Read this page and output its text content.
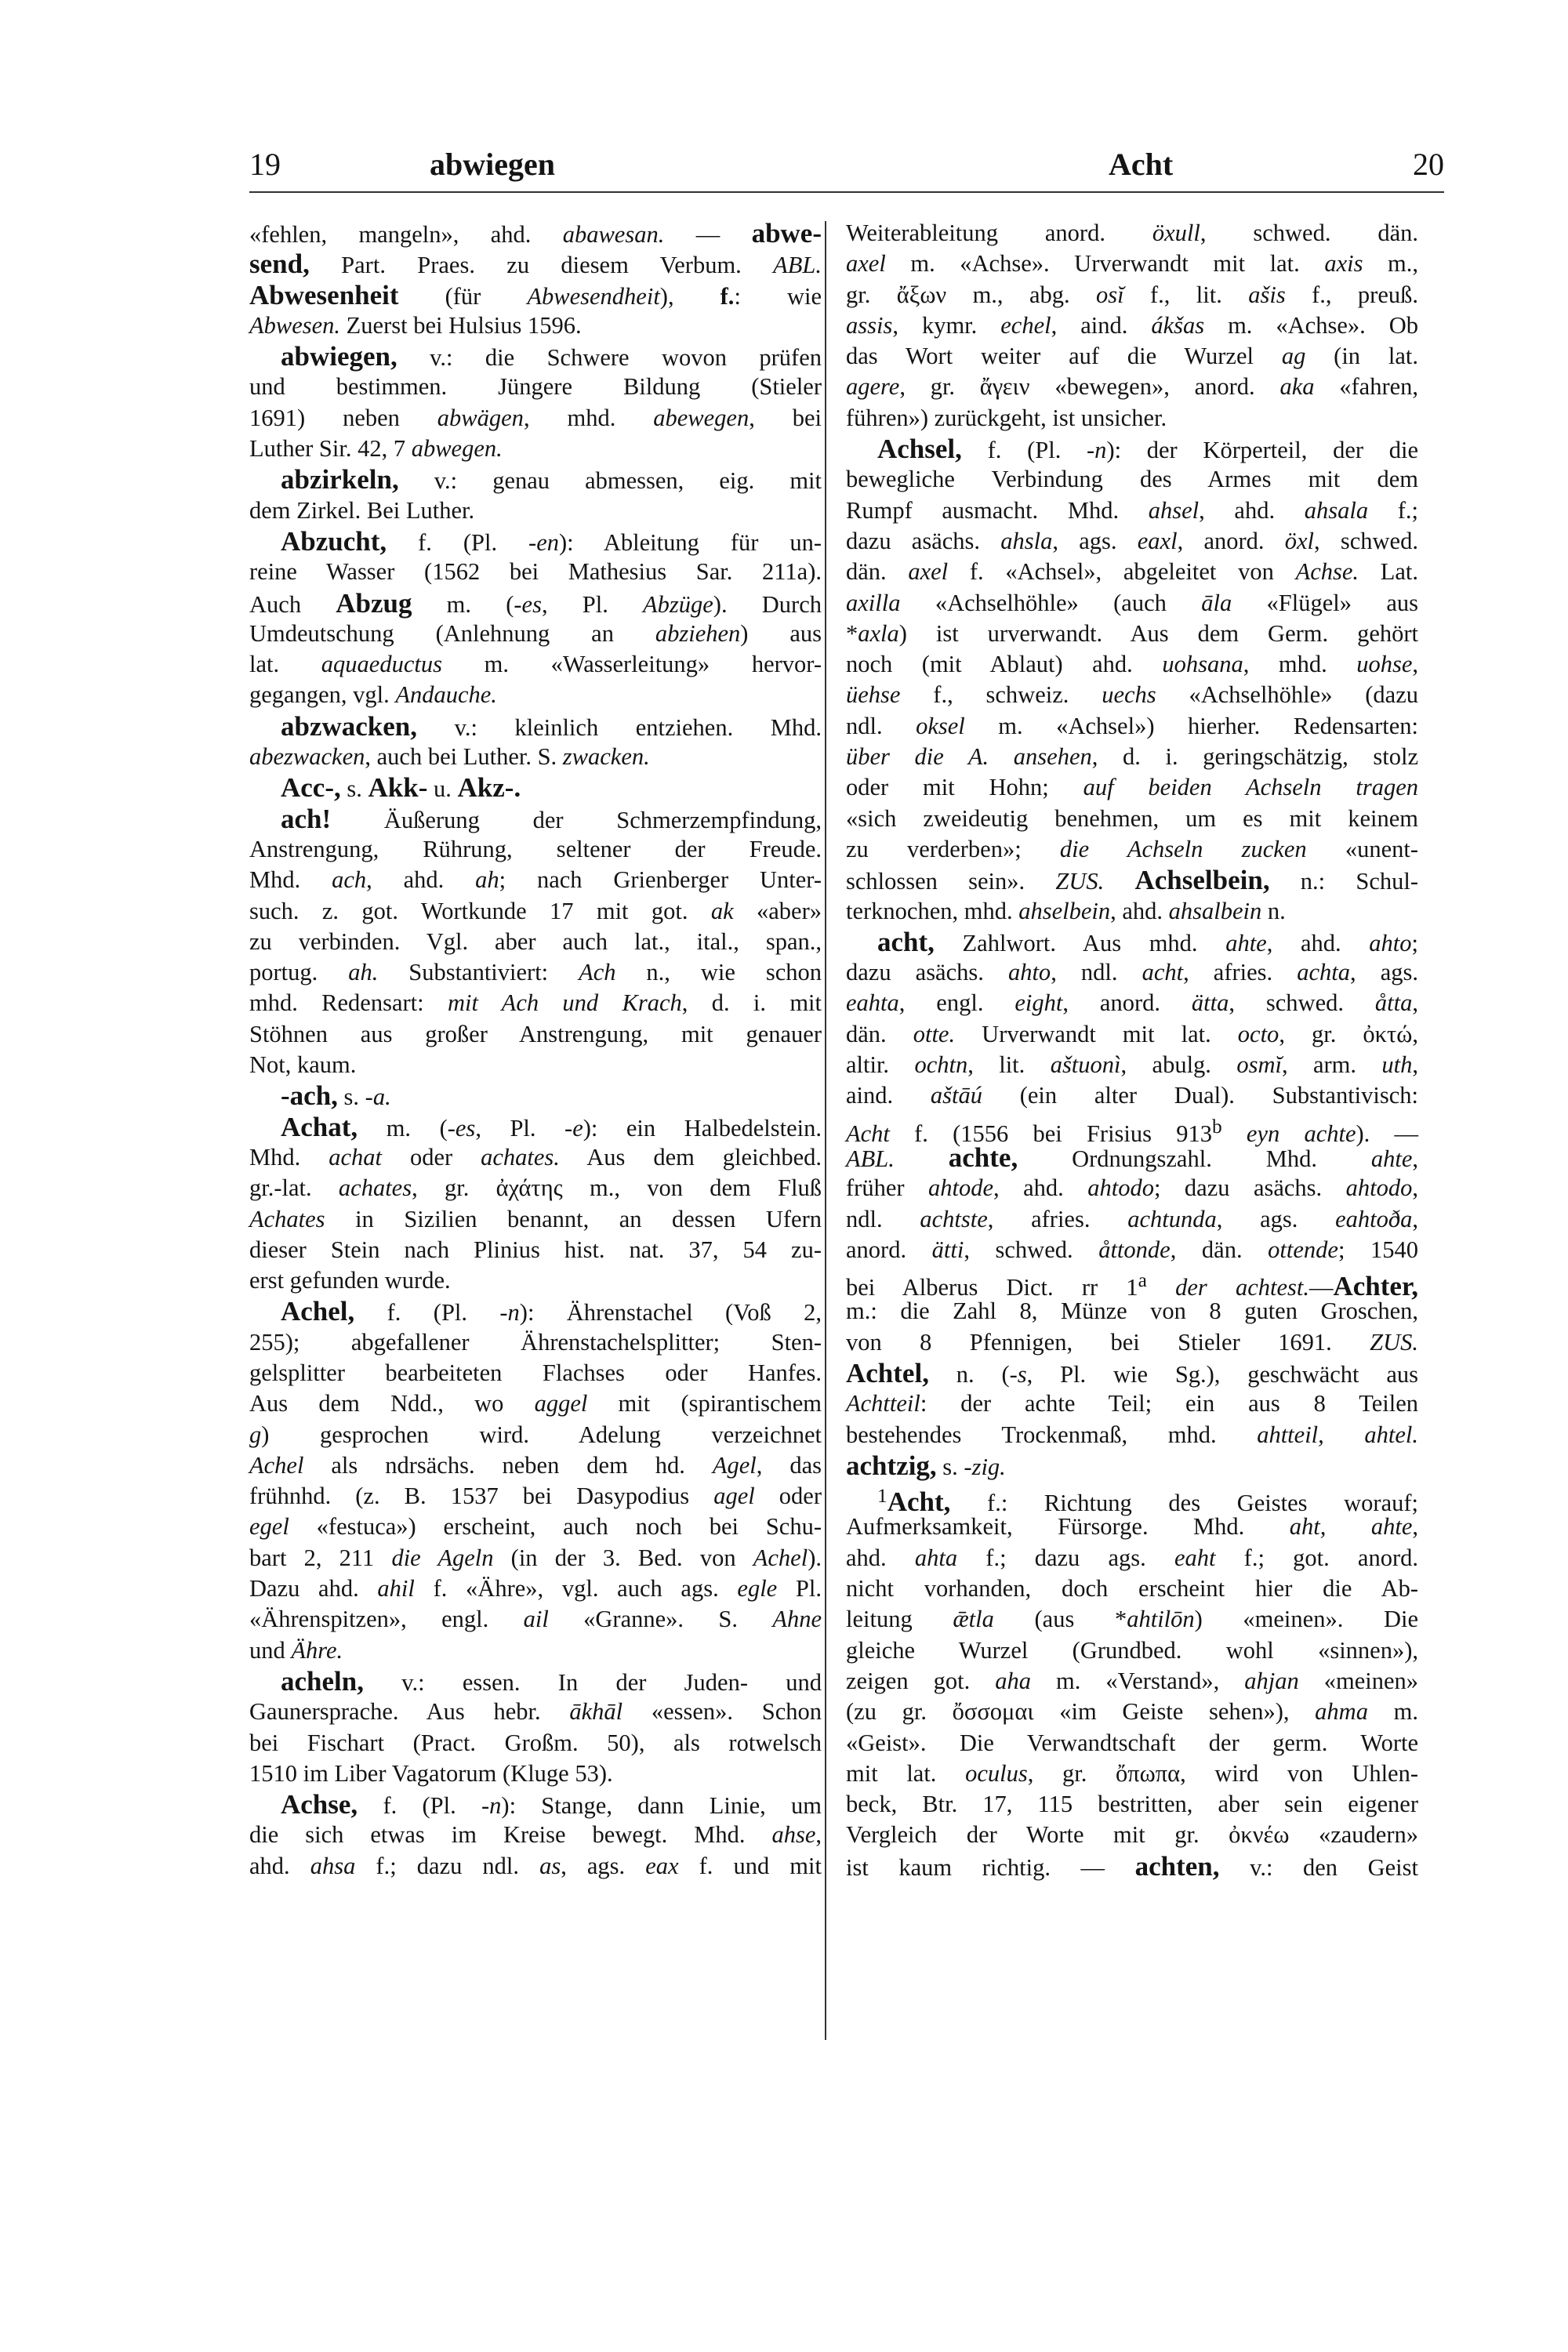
19	abwiegen	Acht	20
«fehlen, mangeln», ahd. abawesan. — abwe-
send, Part. Praes. zu diesem Verbum. ABL.
Abwesenheit (für Abwesendheit), f.: wie
Abwesen. Zuerst bei Hulsius 1596.
abwiegen, v.: die Schwere wovon prüfen
und bestimmen. Jüngere Bildung (Stieler
1691) neben abwägen, mhd. abewegen, bei
Luther Sir. 42, 7 abwegen.
abzirkeln, v.: genau abmessen, eig. mit
dem Zirkel. Bei Luther.
Abzucht, f. (Pl. -en): Ableitung für un-
reine Wasser (1562 bei Mathesius Sar. 211a).
Auch Abzug m. (-es, Pl. Abzüge). Durch
Umdeutschung (Anlehnung an abziehen) aus
lat. aquaeductus m. «Wasserleitung» hervor-
gegangen, vgl. Andauche.
abzwacken, v.: kleinlich entziehen. Mhd.
abezwacken, auch bei Luther. S. zwacken.
Acc-, s. Akk- u. Akz-.
ach! Äußerung der Schmerzempfindung,
Anstrengung, Rührung, seltener der Freude.
Mhd. ach, ahd. ah; nach Grienberger Unter-
such. z. got. Wortkunde 17 mit got. ak «aber»
zu verbinden. Vgl. aber auch lat., ital., span.,
portug. ah. Substantiviert: Ach n., wie schon
mhd. Redensart: mit Ach und Krach, d. i. mit
Stöhnen aus großer Anstrengung, mit genauer
Not, kaum.
-ach, s. -a.
Achat, m. (-es, Pl. -e): ein Halbedelstein.
Mhd. achat oder achates. Aus dem gleichbed.
gr.-lat. achates, gr. ἀχάτης m., von dem Fluß
Achates in Sizilien benannt, an dessen Ufern
dieser Stein nach Plinius hist. nat. 37, 54 zu-
erst gefunden wurde.
Achel, f. (Pl. -n): Ährenstachel (Voß 2,
255); abgefallener Ährenstachelsplitter; Sten-
gelsplitter bearbeiteten Flachses oder Hanfes.
Aus dem Ndd., wo aggel mit (spirantischem
g) gesprochen wird. Adelung verzeichnet
Achel als ndrsächs. neben dem hd. Agel, das
frühnhd. (z. B. 1537 bei Dasypodius agel oder
egel «festuca») erscheint, auch noch bei Schu-
bart 2, 211 die Ageln (in der 3. Bed. von Achel).
Dazu ahd. ahil f. «Ähre», vgl. auch ags. egle Pl.
«Ährenspitzen», engl. ail «Granne». S. Ahne
und Ähre.
acheln, v.: essen. In der Juden- und
Gaunersprache. Aus hebr. ākhāl «essen». Schon
bei Fischart (Pract. Großm. 50), als rotwelsch
1510 im Liber Vagatorum (Kluge 53).
Achse, f. (Pl. -n): Stange, dann Linie, um
die sich etwas im Kreise bewegt. Mhd. ahse,
ahd. ahsa f.; dazu ndl. as, ags. eax f. und mit
Weiterableitung anord. öxull, schwed. dän.
axel m. «Achse». Urverwandt mit lat. axis m.,
gr. ἄξων m., abg. osĭ f., lit. ašis f., preuß.
assis, kymr. echel, aind. ákšas m. «Achse». Ob
das Wort weiter auf die Wurzel ag (in lat.
agere, gr. ἄγειν «bewegen», anord. aka «fahren,
führen») zurückgeht, ist unsicher.
Achsel, f. (Pl. -n): der Körperteil, der die
bewegliche Verbindung des Armes mit dem
Rumpf ausmacht. Mhd. ahsel, ahd. ahsala f.;
dazu asächs. ahsla, ags. eaxl, anord. öxl, schwed.
dän. axel f. «Achsel», abgeleitet von Achse. Lat.
axilla «Achselhöhle» (auch āla «Flügel» aus
*axla) ist urverwandt. Aus dem Germ. gehört
noch (mit Ablaut) ahd. uohsana, mhd. uohse,
üehse f., schweiz. uechs «Achselhöhle» (dazu
ndl. oksel m. «Achsel») hierher. Redensarten:
über die A. ansehen, d. i. geringschätzig, stolz
oder mit Hohn; auf beiden Achseln tragen
«sich zweideutig benehmen, um es mit keinem
zu verderben»; die Achseln zucken «unent-
schlossen sein». ZUS. Achselbein, n.: Schul-
terknochen, mhd. ahselbein, ahd. ahsalbein n.
acht, Zahlwort. Aus mhd. ahte, ahd. ahto;
dazu asächs. ahto, ndl. acht, afries. achta, ags.
eahta, engl. eight, anord. ätta, schwed. åtta,
dän. otte. Urverwandt mit lat. octo, gr. ὀκτώ,
altir. ochtn, lit. aštuonì, abulg. osmĭ, arm. uth,
aind. aštāú (ein alter Dual). Substantivisch:
Acht f. (1556 bei Frisius 913$^b$ eyn achte). —
ABL. achte, Ordnungszahl. Mhd. ahte,
früher ahtode, ahd. ahtodo; dazu asächs. ahtodo,
ndl. achtste, afries. achtunda, ags. eahtoða,
anord. ätti, schwed. åttonde, dän. ottende; 1540
bei Alberus Dict. rr 1$^a$ der achtest.—Achter,
m.: die Zahl 8, Münze von 8 guten Groschen,
von 8 Pfennigen, bei Stieler 1691. ZUS.
Achtel, n. (-s, Pl. wie Sg.), geschwächt aus
Achtteil: der achte Teil; ein aus 8 Teilen
bestehendes Trockenmaß, mhd. ahtteil, ahtel.
achtzig, s. -zig.
$^1$Acht, f.: Richtung des Geistes worauf;
Aufmerksamkeit, Fürsorge. Mhd. aht, ahte,
ahd. ahta f.; dazu ags. eaht f.; got. anord.
nicht vorhanden, doch erscheint hier die Ab-
leitung ǣtla (aus *ahtilōn) «meinen». Die
gleiche Wurzel (Grundbed. wohl «sinnen»),
zeigen got. aha m. «Verstand», ahjan «meinen»
(zu gr. ὄσσομαι «im Geiste sehen»), ahma m.
«Geist». Die Verwandtschaft der germ. Worte
mit lat. oculus, gr. ὄπωπα, wird von Uhlen-
beck, Btr. 17, 115 bestritten, aber sein eigener
Vergleich der Worte mit gr. ὀκνέω «zaudern»
ist kaum richtig. — achten, v.: den Geist
